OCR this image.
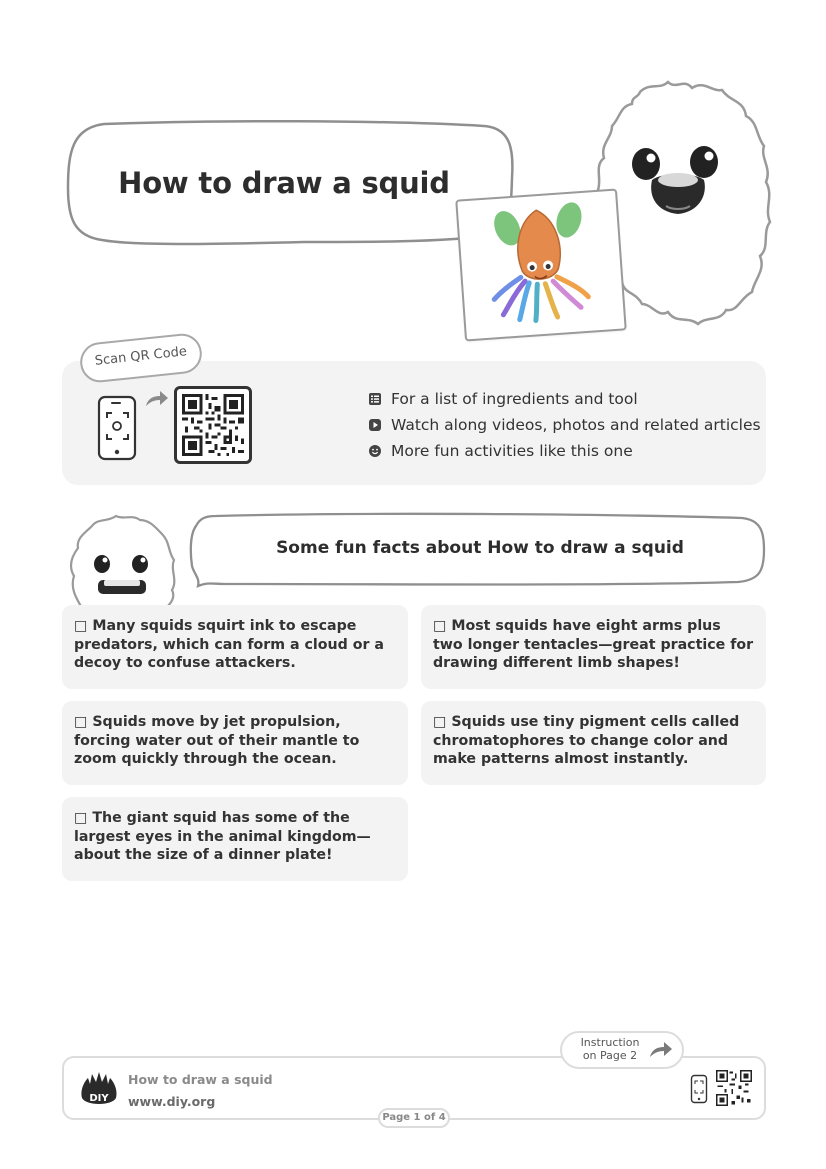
How to draw a squid
Scan QR Code
For a list of ingredients and tool
Watch along videos, photos and related articles
More fun activities like this one
Some fun facts about How to draw a squid
□ Many squids squirt ink to escape predators, which can form a cloud or a decoy to confuse attackers.
□ Most squids have eight arms plus two longer tentacles—great practice for drawing different limb shapes!
□ Squids move by jet propulsion, forcing water out of their mantle to zoom quickly through the ocean.
□ Squids use tiny pigment cells called chromatophores to change color and make patterns almost instantly.
□ The giant squid has some of the largest eyes in the animal kingdom—about the size of a dinner plate!
Instruction
on Page 2
DIY
How to draw a squid
www.diy.org
Page 1 of 4
